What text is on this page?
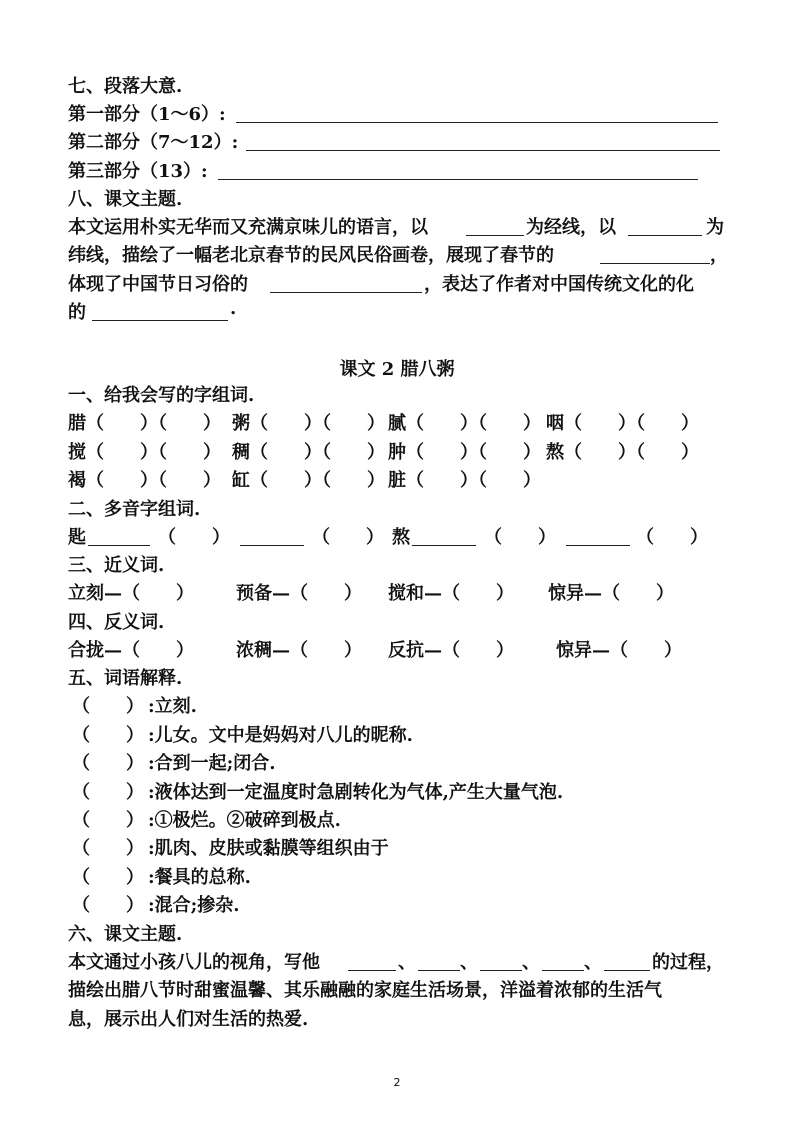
七、段落大意.
第一部分（1～6）:
第二部分（7～12）:
第三部分（13）:
八、课文主题.
本文运用朴实无华而又充满京味儿的语言，以	为经线，以	为
纬线，描绘了一幅老北京春节的民风民俗画卷，展现了春节的	，
体现了中国节日习俗的	，表达了作者对中国传统文化的化
的	.
课文 2 腊八粥
一、给我会写的字组词.
腊（　　）（　　） 粥（　　）（　　） 腻（　　）（　　） 咽（　　）（　　）
搅（　　）（　　） 稠（　　）（　　） 肿（　　）（　　） 熬（　　）（　　）
褐（　　）（　　） 缸（　　）（　　） 脏（　　）（　　）
二、多音字组词.
匙	（　　）	（　　） 熬	（　　）	（　　）
三、近义词.
立刻—（　　） 预备—（　　） 搅和—（　　） 惊异—（　　）
四、反义词.
合拢—（　　） 浓稠—（　　） 反抗—（　　） 惊异—（　　）
五、词语解释.
（　　） :立刻.
（　　） :儿女。文中是妈妈对八儿的昵称.
（　　） :合到一起;闭合.
（　　） :液体达到一定温度时急剧转化为气体,产生大量气泡.
（　　） :①极烂。②破碎到极点.
（　　） :肌肉、皮肤或黏膜等组织由于
（　　） :餐具的总称.
（　　） :混合;掺杂.
六、课文主题.
本文通过小孩八儿的视角，写他	、 、 、 、	的过程，
描绘出腊八节时甜蜜温馨、其乐融融的家庭生活场景，洋溢着浓郁的生活气
息，展示出人们对生活的热爱.
2
